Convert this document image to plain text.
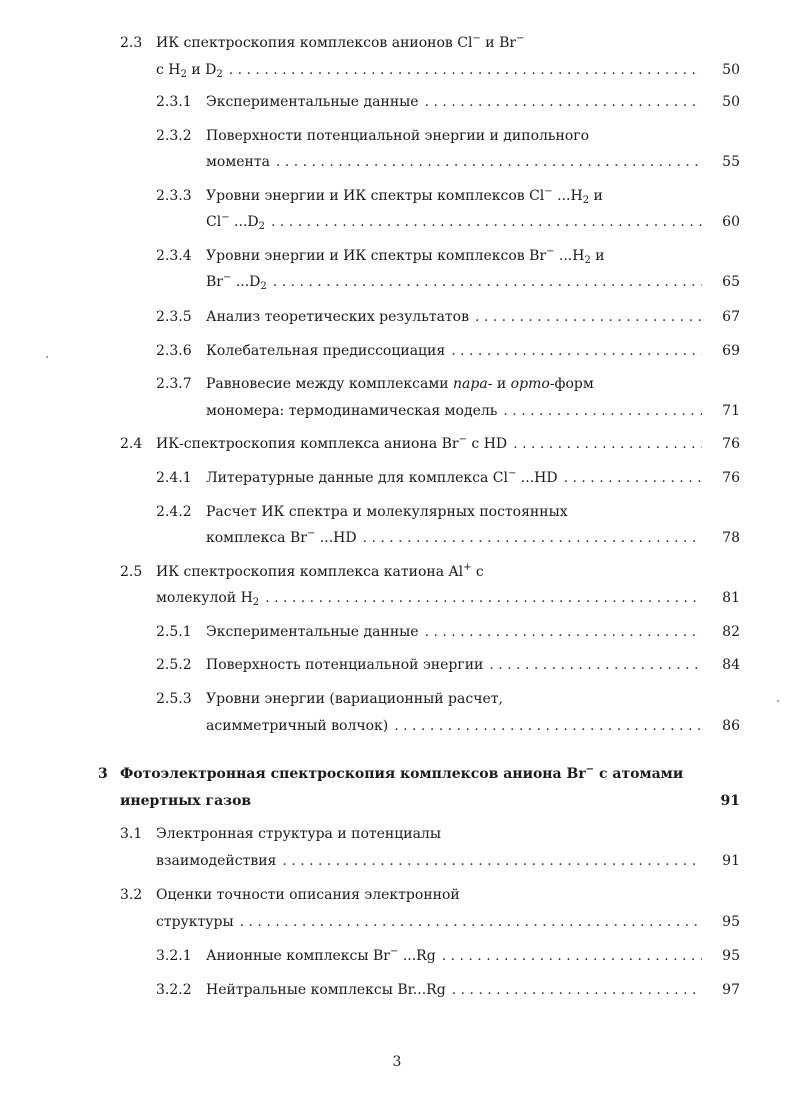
2.3 ИК спектроскопия комплексов анионов Cl− и Br−
с $H_2$ и $D_2$ . . .	50
2.3.1 Экспериментальные данные . . .	50
2.3.2 Поверхности потенциальной энергии и дипольного
момента . . .	55
2.3.3 Уровни энергии и ИК спектры комплексов Cl− $...H_2$ и
Cl− $...D_2$ . . .	60
2.3.4 Уровни энергии и ИК спектры комплексов Br− $...H_2$ и
Br− $...D_2$ . . .	65
2.3.5 Анализ теоретических результатов . . .	67
2.3.6 Колебательная предиссоциация . . .	69
2.3.7 Равновесие между комплексами пара- и орто-форм
мономера: термодинамическая модель . . .	71
2.4 ИК-спектроскопия комплекса аниона Br− с HD . . .	76
2.4.1 Литературные данные для комплекса Cl− ...HD . . .	76
2.4.2 Расчет ИК спектра и молекулярных постоянных
комплекса Br− ...HD . . .	78
2.5 ИК спектроскопия комплекса катиона Al+ с
молекулой $H_2$ . . .	81
2.5.1 Экспериментальные данные . . .	82
2.5.2 Поверхность потенциальной энергии . . .	84
2.5.3 Уровни энергии (вариационный расчет,
асимметричный волчок) . . .	86
3 Фотоэлектронная спектроскопия комплексов аниона Br− с атомами
инертных газов	91
3.1 Электронная структура и потенциалы
взаимодействия . . .	91
3.2 Оценки точности описания электронной
структуры . . .	95
3.2.1 Анионные комплексы Br− ...Rg . . .	95
3.2.2 Нейтральные комплексы Br...Rg . . .	97
3
